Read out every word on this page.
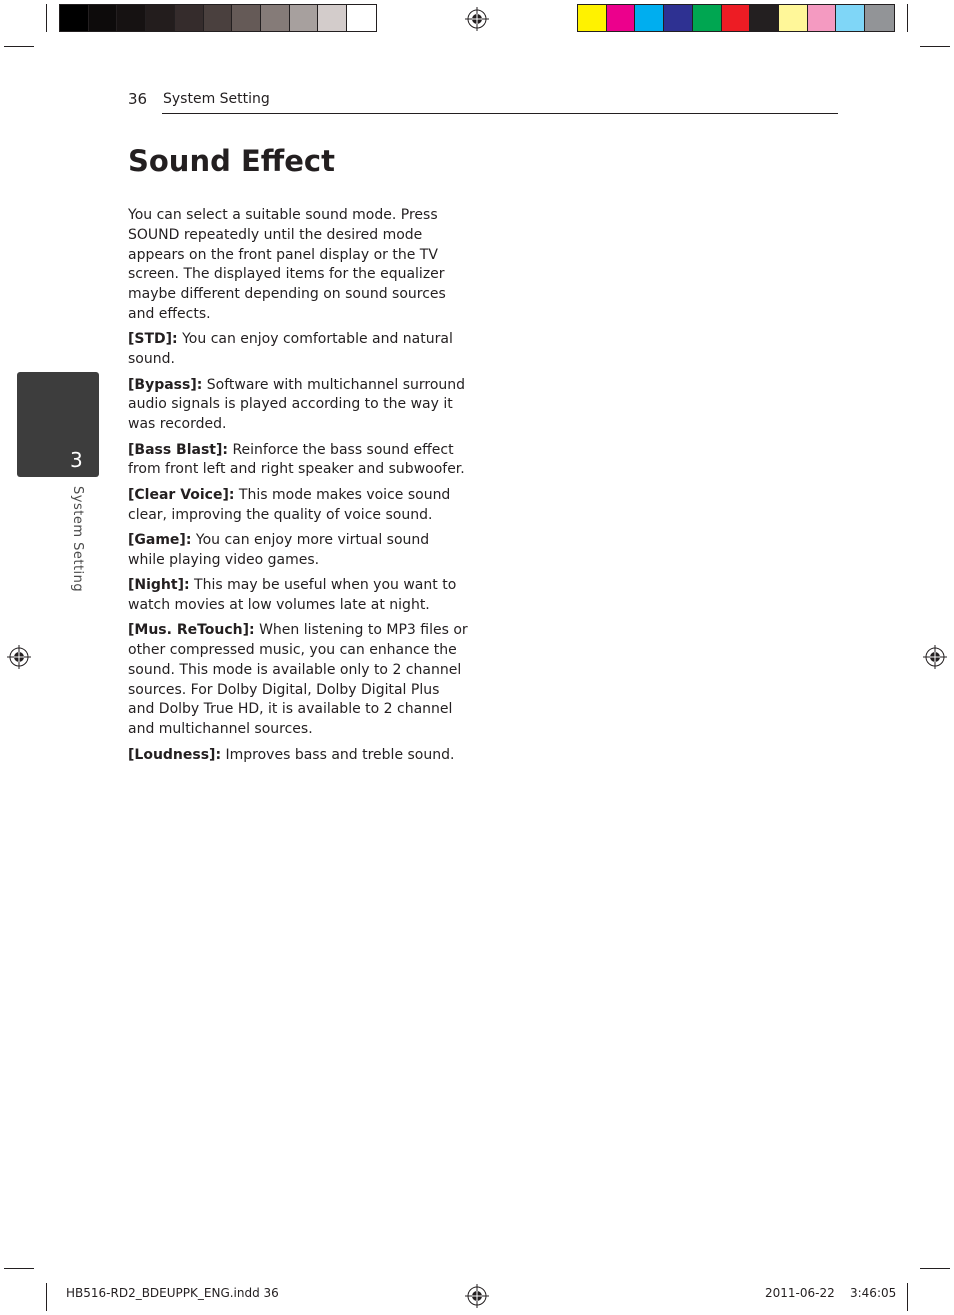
36 System Setting
Sound Effect

You can select a suitable sound mode. Press SOUND repeatedly until the desired mode appears on the front panel display or the TV screen. The displayed items for the equalizer maybe different depending on sound sources and effects.

[STD]: You can enjoy comfortable and natural sound.

[Bypass]: Software with multichannel surround audio signals is played according to the way it was recorded.

[Bass Blast]: Reinforce the bass sound effect from front left and right speaker and subwoofer.

[Clear Voice]: This mode makes voice sound clear, improving the quality of voice sound.

[Game]: You can enjoy more virtual sound while playing video games.

[Night]: This may be useful when you want to watch movies at low volumes late at night.

[Mus. ReTouch]: When listening to MP3 files or other compressed music, you can enhance the sound. This mode is available only to 2 channel sources. For Dolby Digital, Dolby Digital Plus and Dolby True HD, it is available to 2 channel and multichannel sources.

[Loudness]: Improves bass and treble sound.

3
System Setting
HB516-RD2_BDEUPPK_ENG.indd 36	2011-06-22    3:46:05
